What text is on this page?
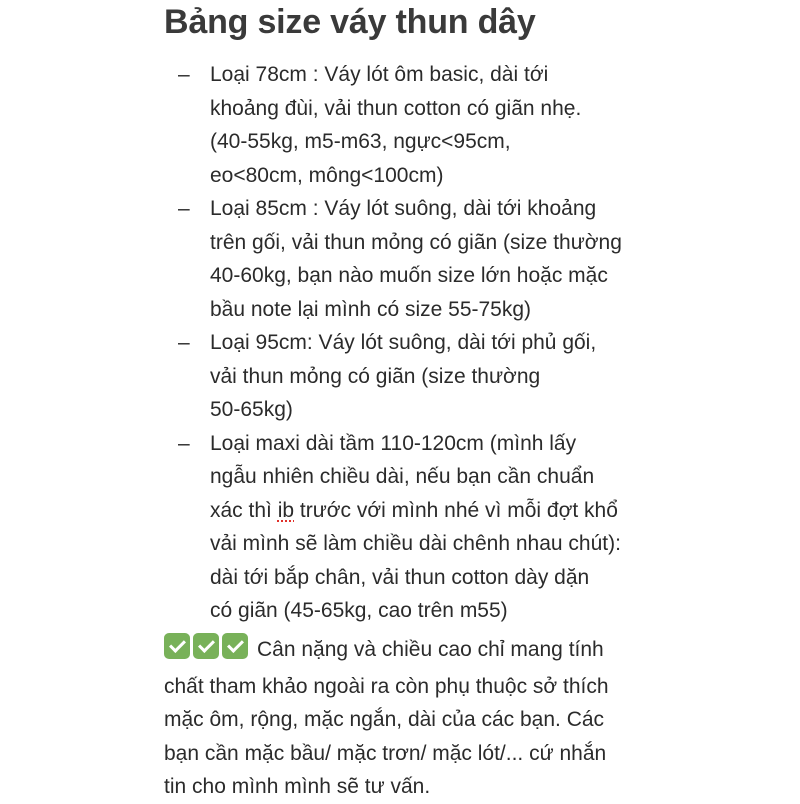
Bảng size váy thun dây
– Loại 78cm : Váy lót ôm basic, dài tới
khoảng đùi, vải thun cotton có giãn nhẹ.
(40-55kg, m5-m63, ngực<95cm,
eo<80cm, mông<100cm)
– Loại 85cm : Váy lót suông, dài tới khoảng
trên gối, vải thun mỏng có giãn (size thường
40-60kg, bạn nào muốn size lớn hoặc mặc
bầu note lại mình có size 55-75kg)
– Loại 95cm: Váy lót suông, dài tới phủ gối,
vải thun mỏng có giãn (size thường
50-65kg)
– Loại maxi dài tầm 110-120cm (mình lấy
ngẫu nhiên chiều dài, nếu bạn cần chuẩn
xác thì ib trước với mình nhé vì mỗi đợt khổ
vải mình sẽ làm chiều dài chênh nhau chút):
dài tới bắp chân, vải thun cotton dày dặn
có giãn (45-65kg, cao trên m55)
Cân nặng và chiều cao chỉ mang tính
chất tham khảo ngoài ra còn phụ thuộc sở thích
mặc ôm, rộng, mặc ngắn, dài của các bạn. Các
bạn cần mặc bầu/ mặc trơn/ mặc lót/... cứ nhắn
tin cho mình mình sẽ tư vấn.
